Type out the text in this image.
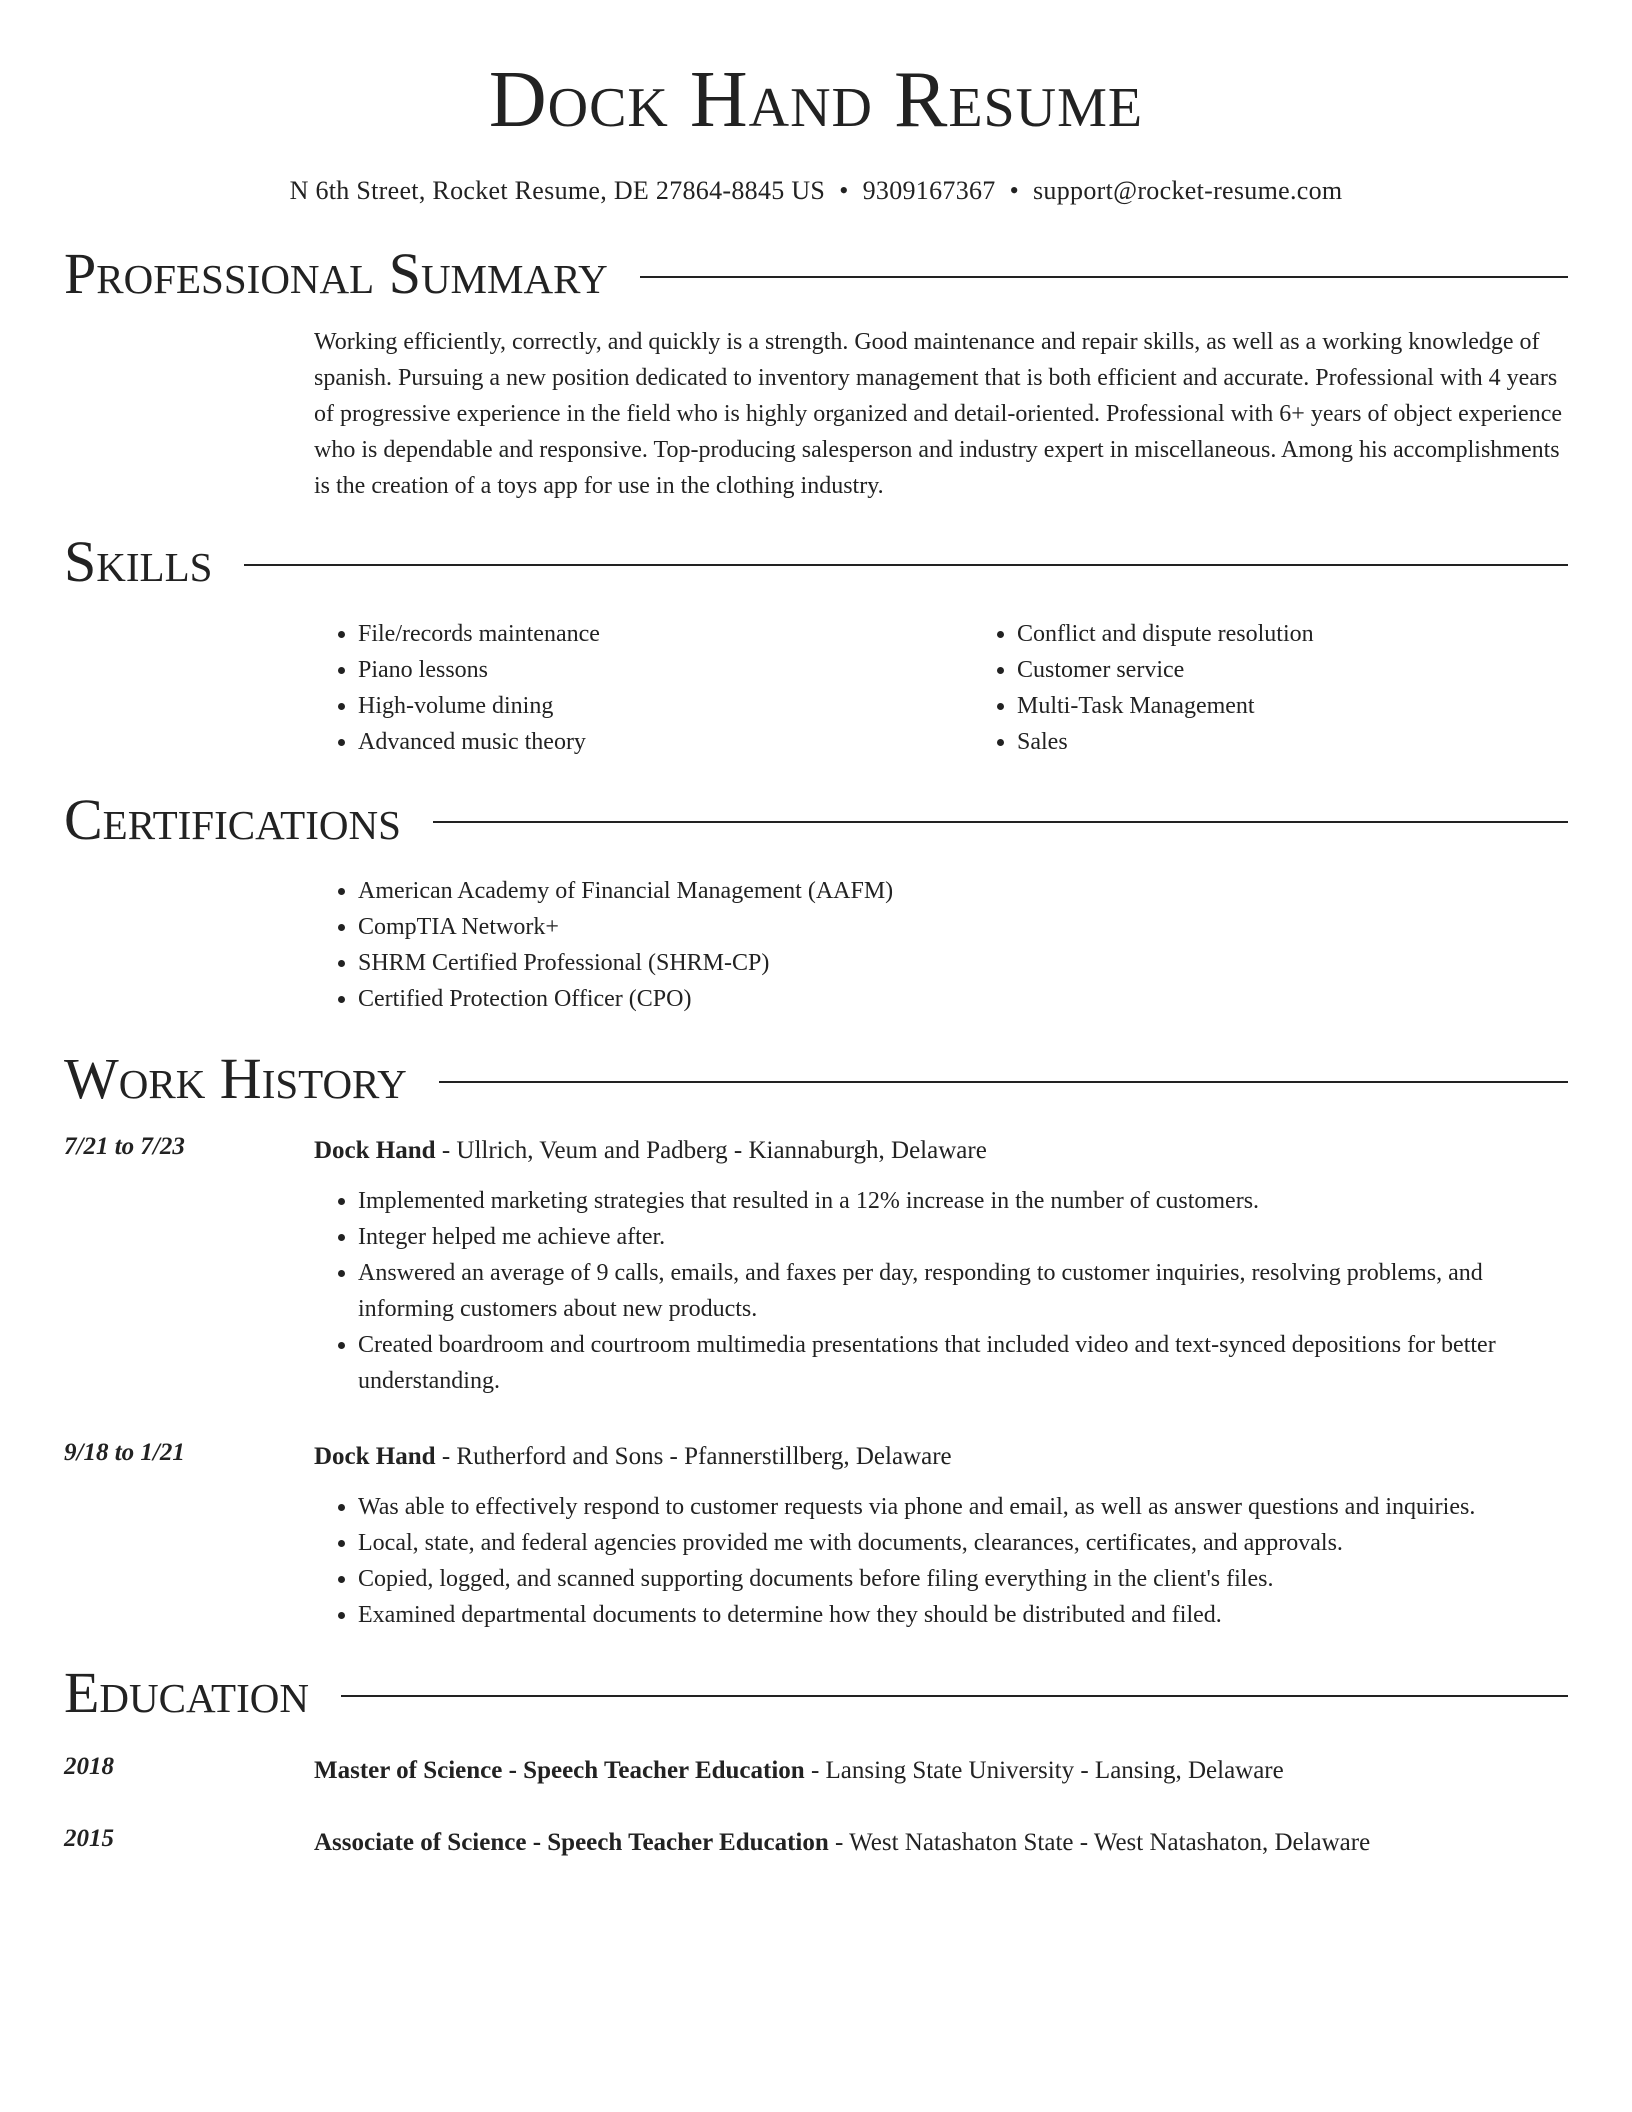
Dock Hand Resume
N 6th Street, Rocket Resume, DE 27864-8845 US • 9309167367 • support@rocket-resume.com
Professional Summary
Working efficiently, correctly, and quickly is a strength. Good maintenance and repair skills, as well as a working knowledge of spanish. Pursuing a new position dedicated to inventory management that is both efficient and accurate. Professional with 4 years of progressive experience in the field who is highly organized and detail-oriented. Professional with 6+ years of object experience who is dependable and responsive. Top-producing salesperson and industry expert in miscellaneous. Among his accomplishments is the creation of a toys app for use in the clothing industry.
Skills
• File/records maintenance
• Piano lessons
• High-volume dining
• Advanced music theory
• Conflict and dispute resolution
• Customer service
• Multi-Task Management
• Sales
Certifications
• American Academy of Financial Management (AAFM)
• CompTIA Network+
• SHRM Certified Professional (SHRM-CP)
• Certified Protection Officer (CPO)
Work History
7/21 to 7/23	Dock Hand - Ullrich, Veum and Padberg - Kiannaburgh, Delaware
• Implemented marketing strategies that resulted in a 12% increase in the number of customers.
• Integer helped me achieve after.
• Answered an average of 9 calls, emails, and faxes per day, responding to customer inquiries, resolving problems, and informing customers about new products.
• Created boardroom and courtroom multimedia presentations that included video and text-synced depositions for better understanding.
9/18 to 1/21	Dock Hand - Rutherford and Sons - Pfannerstillberg, Delaware
• Was able to effectively respond to customer requests via phone and email, as well as answer questions and inquiries.
• Local, state, and federal agencies provided me with documents, clearances, certificates, and approvals.
• Copied, logged, and scanned supporting documents before filing everything in the client's files.
• Examined departmental documents to determine how they should be distributed and filed.
Education
2018	Master of Science - Speech Teacher Education - Lansing State University - Lansing, Delaware
2015	Associate of Science - Speech Teacher Education - West Natashaton State - West Natashaton, Delaware
